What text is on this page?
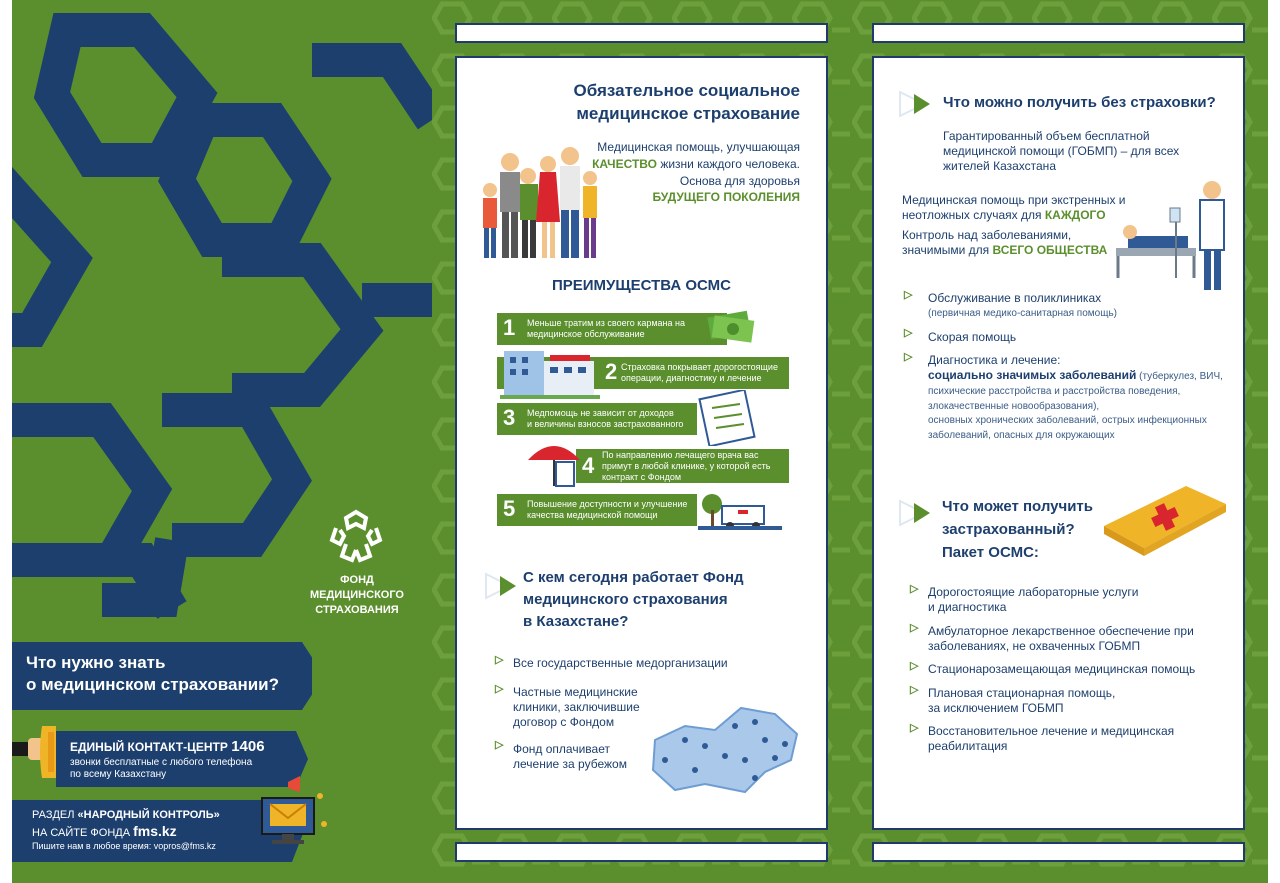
ФОНД

МЕДИЦИНСКОГО

СТРАХОВАНИЯ

Что нужно знать

о медицинском страховании?

ЕДИНЫЙ КОНТАКТ-ЦЕНТР 1406

звонки бесплатные с любого телефона

по всему Казахстану

РАЗДЕЛ «НАРОДНЫЙ КОНТРОЛЬ»

НА САЙТЕ ФОНДА fms.kz

Пишите нам в любое время: vopros@fms.kz

Обязательное социальное

медицинское страхование

Медицинская помощь, улучшающая

КАЧЕСТВО жизни каждого человека.

Основа для здоровья

БУДУЩЕГО ПОКОЛЕНИЯ

ПРЕИМУЩЕСТВА ОСМС

1 Меньше тратим из своего кармана на
медицинское обслуживание
2 Страховка покрывает дорогостоящие
операции, диагностику и лечение
3 Медпомощь не зависит от доходов
и величины взносов застрахованного
4 По направлению лечащего врача вас
примут в любой клинике, у которой есть
контракт с Фондом
5 Повышение доступности и улучшение
качества медицинской помощи

С кем сегодня работает Фонд

медицинского страхования

в Казахстане?

▷ Все государственные медорганизации

▷ Частные медицинские

клиники, заключившие

договор с Фондом

▷ Фонд оплачивает

лечение за рубежом

Что можно получить без страховки?

Гарантированный объем бесплатной

медицинской помощи (ГОБМП) – для всех

жителей Казахстана

Медицинская помощь при экстренных и

неотложных случаях для КАЖДОГО

Контроль над заболеваниями,

значимыми для ВСЕГО ОБЩЕСТВА

▷ Обслуживание в поликлиниках

(первичная медико-санитарная помощь)

▷ Скорая помощь

▷ Диагностика и лечение:

социально значимых заболеваний (туберкулез, ВИЧ,

психические расстройства и расстройства поведения,

злокачественные новообразования),

основных хронических заболеваний, острых инфекционных

заболеваний, опасных для окружающих

Что может получить

застрахованный?

Пакет ОСМС:

▷ Дорогостоящие лабораторные услуги

и диагностика

▷ Амбулаторное лекарственное обеспечение при

заболеваниях, не охваченных ГОБМП

▷ Стационарозамещающая медицинская помощь

▷ Плановая стационарная помощь,

за исключением ГОБМП

▷ Восстановительное лечение и медицинская

реабилитация
